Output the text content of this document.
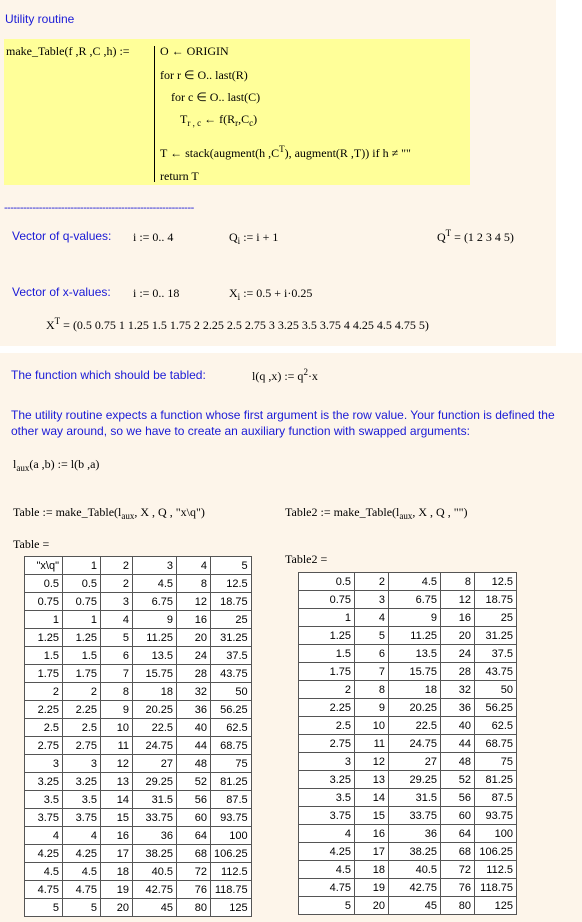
Utility routine
make_Table(f ,R ,C ,h) :=	O ← ORIGIN
for r ∈ O.. last(R)
for c ∈ O.. last(C)
$T_{r , c}$ ← $f(R_r,C_c)$
T ← stack(augment(h $,C^T$), augment(R ,T)) if h ≠ ""
return T
------------------------------------------------------------
Vector of q-values: i := 0.. 4	$Q_i$ := i + 1	$Q^T = (1$ 2 3 4 5)
Vector of x-values: i := 0.. 18	$X_i$ := 0.5 + i·0.25
$X^T = (0.5$ 0.75 1 1.25 1.5 1.75 2 2.25 2.5 2.75 3 3.25 3.5 3.75 4 4.25 4.5 4.75 5)
The function which should be tabled:	l(q ,x) := $q^2\cdot x$
The utility routine expects a function whose first argument is the row value. Your function is defined the other way around, so we have to create an auxiliary function with swapped arguments:
$l_{aux}(a$ ,b) := l(b ,a)
Table := $make\_Table(l_{aux}$, X , Q , "x\q")	Table2 := $make\_Table(l_{aux}$, X , Q , "")
Table =
Table2 =
"x\q"	1	2	3	4	5
0.5	0.5	2	4.5	8	12.5
0.75	0.75	3	6.75	12	18.75
1	1	4	9	16	25
1.25	1.25	5	11.25	20	31.25
1.5	1.5	6	13.5	24	37.5
1.75	1.75	7	15.75	28	43.75
2	2	8	18	32	50
2.25	2.25	9	20.25	36	56.25
2.5	2.5	10	22.5	40	62.5
2.75	2.75	11	24.75	44	68.75
3	3	12	27	48	75
3.25	3.25	13	29.25	52	81.25
3.5	3.5	14	31.5	56	87.5
3.75	3.75	15	33.75	60	93.75
4	4	16	36	64	100
4.25	4.25	17	38.25	68	106.25
4.5	4.5	18	40.5	72	112.5
4.75	4.75	19	42.75	76	118.75
5	5	20	45	80	125
0.5	2	4.5	8	12.5
0.75	3	6.75	12	18.75
1	4	9	16	25
1.25	5	11.25	20	31.25
1.5	6	13.5	24	37.5
1.75	7	15.75	28	43.75
2	8	18	32	50
2.25	9	20.25	36	56.25
2.5	10	22.5	40	62.5
2.75	11	24.75	44	68.75
3	12	27	48	75
3.25	13	29.25	52	81.25
3.5	14	31.5	56	87.5
3.75	15	33.75	60	93.75
4	16	36	64	100
4.25	17	38.25	68	106.25
4.5	18	40.5	72	112.5
4.75	19	42.75	76	118.75
5	20	45	80	125
